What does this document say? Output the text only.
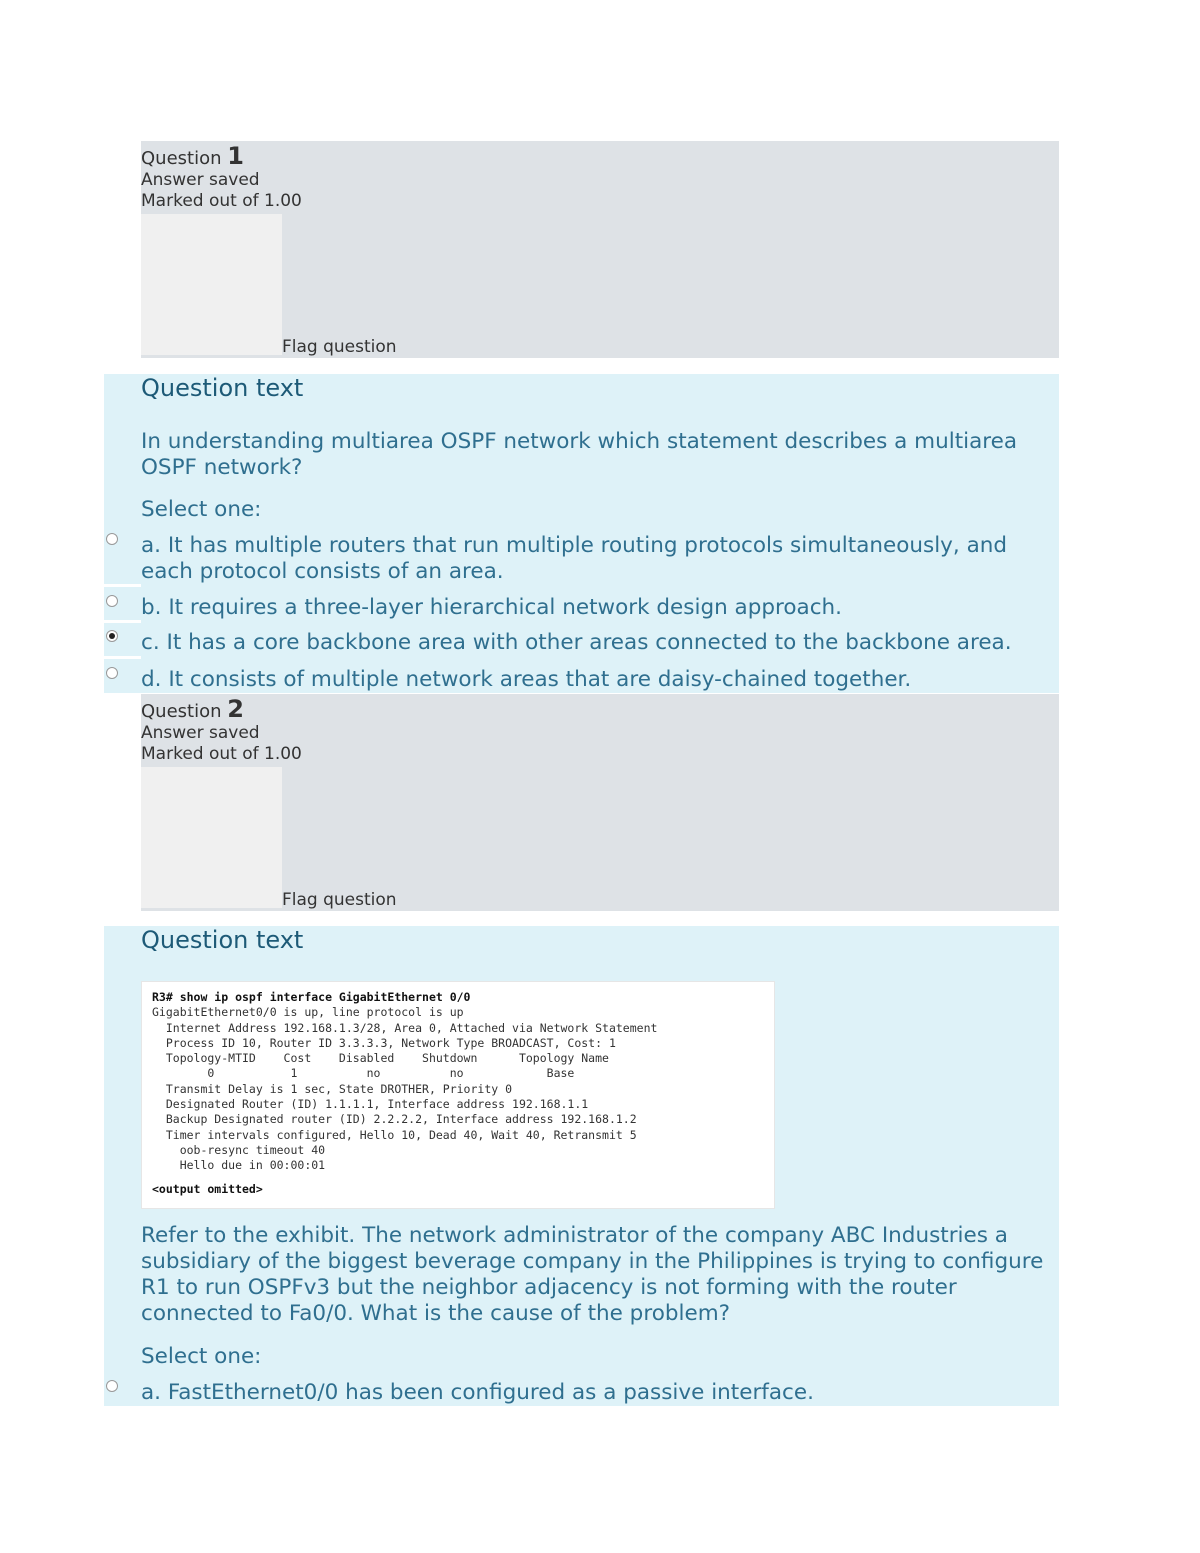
Question 1
Answer saved
Marked out of 1.00
Flag question
Question text
In understanding multiarea OSPF network which statement describes a multiarea OSPF network?
Select one:
a. It has multiple routers that run multiple routing protocols simultaneously, and each protocol consists of an area.
b. It requires a three-layer hierarchical network design approach.
c. It has a core backbone area with other areas connected to the backbone area.
d. It consists of multiple network areas that are daisy-chained together.
Question 2
Answer saved
Marked out of 1.00
Flag question
Question text
R3# show ip ospf interface GigabitEthernet 0/0
GigabitEthernet0/0 is up, line protocol is up
Internet Address 192.168.1.3/28, Area 0, Attached via Network Statement
Process ID 10, Router ID 3.3.3.3, Network Type BROADCAST, Cost: 1
Topology-MTID    Cost    Disabled    Shutdown      Topology Name
0           1          no          no            Base
Transmit Delay is 1 sec, State DROTHER, Priority 0
Designated Router (ID) 1.1.1.1, Interface address 192.168.1.1
Backup Designated router (ID) 2.2.2.2, Interface address 192.168.1.2
Timer intervals configured, Hello 10, Dead 40, Wait 40, Retransmit 5
oob-resync timeout 40
Hello due in 00:00:01
<output omitted>
Refer to the exhibit. The network administrator of the company ABC Industries a subsidiary of the biggest beverage company in the Philippines is trying to configure R1 to run OSPFv3 but the neighbor adjacency is not forming with the router connected to Fa0/0. What is the cause of the problem?
Select one:
a. FastEthernet0/0 has been configured as a passive interface.
